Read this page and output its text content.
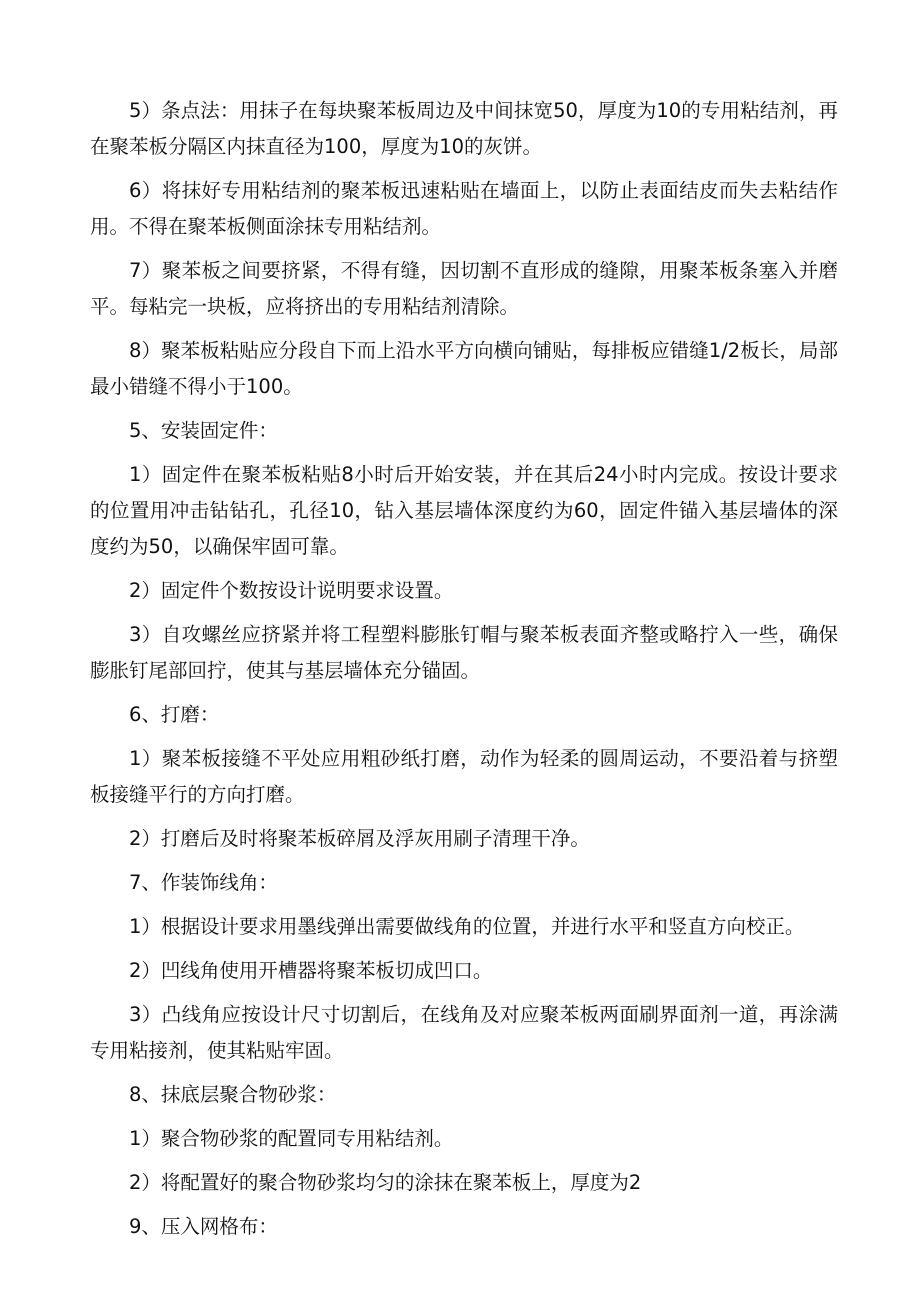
5）条点法：用抹子在每块聚苯板周边及中间抹宽50，厚度为10的专用粘结剂，再在聚苯板分隔区内抹直径为100，厚度为10的灰饼。

6）将抹好专用粘结剂的聚苯板迅速粘贴在墙面上，以防止表面结皮而失去粘结作用。不得在聚苯板侧面涂抹专用粘结剂。

7）聚苯板之间要挤紧，不得有缝，因切割不直形成的缝隙，用聚苯板条塞入并磨平。每粘完一块板，应将挤出的专用粘结剂清除。

8）聚苯板粘贴应分段自下而上沿水平方向横向铺贴，每排板应错缝1/2板长，局部最小错缝不得小于100。

5、安装固定件：

1）固定件在聚苯板粘贴8小时后开始安装，并在其后24小时内完成。按设计要求的位置用冲击钻钻孔，孔径10，钻入基层墙体深度约为60，固定件锚入基层墙体的深度约为50，以确保牢固可靠。

2）固定件个数按设计说明要求设置。

3）自攻螺丝应挤紧并将工程塑料膨胀钉帽与聚苯板表面齐整或略拧入一些，确保膨胀钉尾部回拧，使其与基层墙体充分锚固。

6、打磨：

1）聚苯板接缝不平处应用粗砂纸打磨，动作为轻柔的圆周运动，不要沿着与挤塑板接缝平行的方向打磨。

2）打磨后及时将聚苯板碎屑及浮灰用刷子清理干净。

7、作装饰线角：

1）根据设计要求用墨线弹出需要做线角的位置，并进行水平和竖直方向校正。

2）凹线角使用开槽器将聚苯板切成凹口。

3）凸线角应按设计尺寸切割后，在线角及对应聚苯板两面刷界面剂一道，再涂满专用粘接剂，使其粘贴牢固。

8、抹底层聚合物砂浆：

1）聚合物砂浆的配置同专用粘结剂。

2）将配置好的聚合物砂浆均匀的涂抹在聚苯板上，厚度为2

9、压入网格布：
